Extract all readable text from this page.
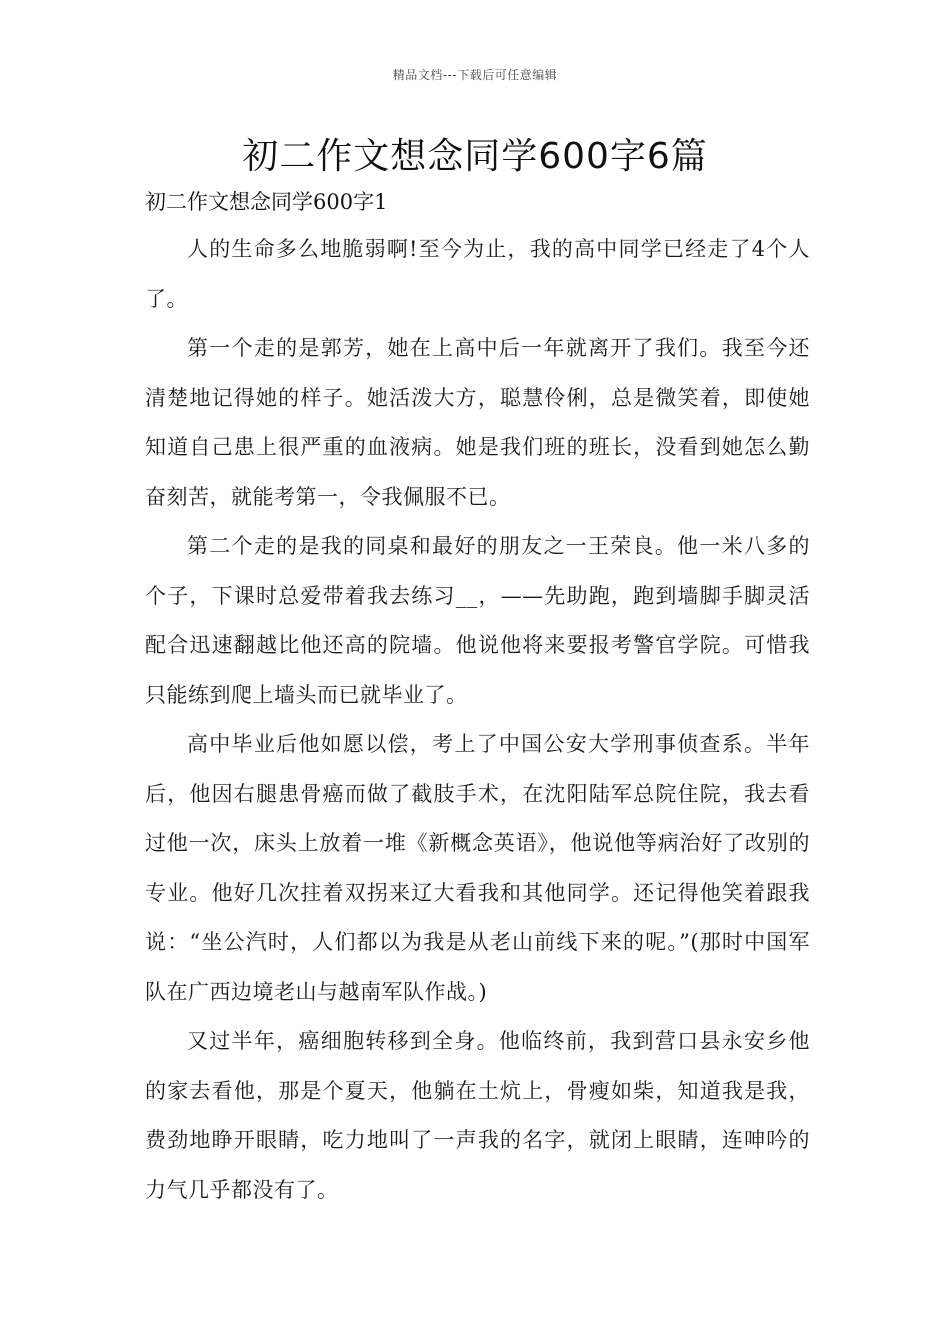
精品文档---下载后可任意编辑
初二作文想念同学600字6篇
初二作文想念同学600字1

人的生命多么地脆弱啊!至今为止，我的高中同学已经走了4个人了。

第一个走的是郭芳，她在上高中后一年就离开了我们。我至今还清楚地记得她的样子。她活泼大方，聪慧伶俐，总是微笑着，即使她知道自己患上很严重的血液病。她是我们班的班长，没看到她怎么勤奋刻苦，就能考第一，令我佩服不已。

第二个走的是我的同桌和最好的朋友之一王荣良。他一米八多的个子，下课时总爱带着我去练习__，——先助跑，跑到墙脚手脚灵活配合迅速翻越比他还高的院墙。他说他将来要报考警官学院。可惜我只能练到爬上墙头而已就毕业了。

高中毕业后他如愿以偿，考上了中国公安大学刑事侦查系。半年后，他因右腿患骨癌而做了截肢手术，在沈阳陆军总院住院，我去看过他一次，床头上放着一堆《新概念英语》，他说他等病治好了改别的专业。他好几次拄着双拐来辽大看我和其他同学。还记得他笑着跟我说：“坐公汽时，人们都以为我是从老山前线下来的呢。”(那时中国军队在广西边境老山与越南军队作战。)

又过半年，癌细胞转移到全身。他临终前，我到营口县永安乡他的家去看他，那是个夏天，他躺在土炕上，骨瘦如柴，知道我是我，费劲地睁开眼睛，吃力地叫了一声我的名字，就闭上眼睛，连呻吟的力气几乎都没有了。
